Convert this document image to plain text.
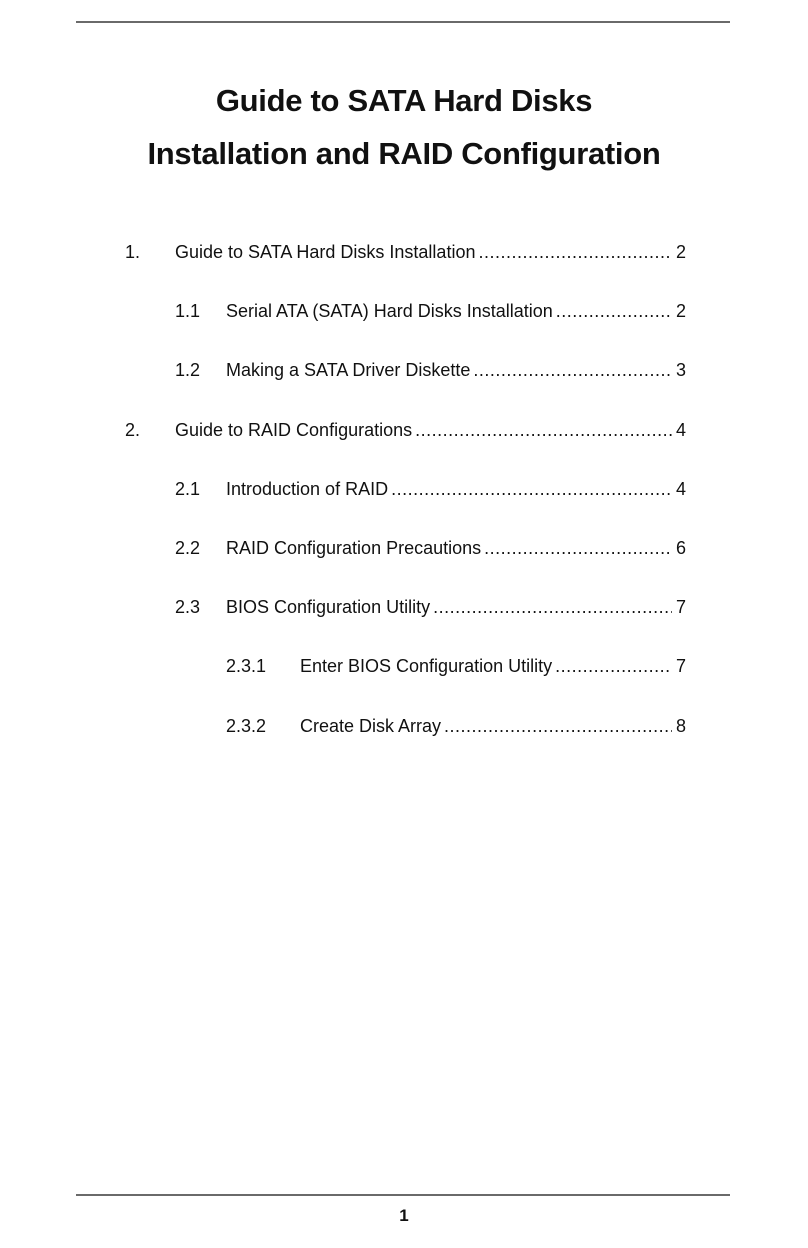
Guide to SATA Hard Disks
Installation and RAID Configuration
1. Guide to SATA Hard Disks Installation .....	2
1.1 Serial ATA (SATA) Hard Disks Installation .....	2
1.2 Making a SATA Driver Diskette .....	3
2. Guide to RAID Configurations .....	4
2.1 Introduction of RAID .....	4
2.2 RAID Configuration Precautions .....	6
2.3 BIOS Configuration Utility .....	7
2.3.1 Enter BIOS Configuration Utility .....	7
2.3.2 Create Disk Array .....	8
1
